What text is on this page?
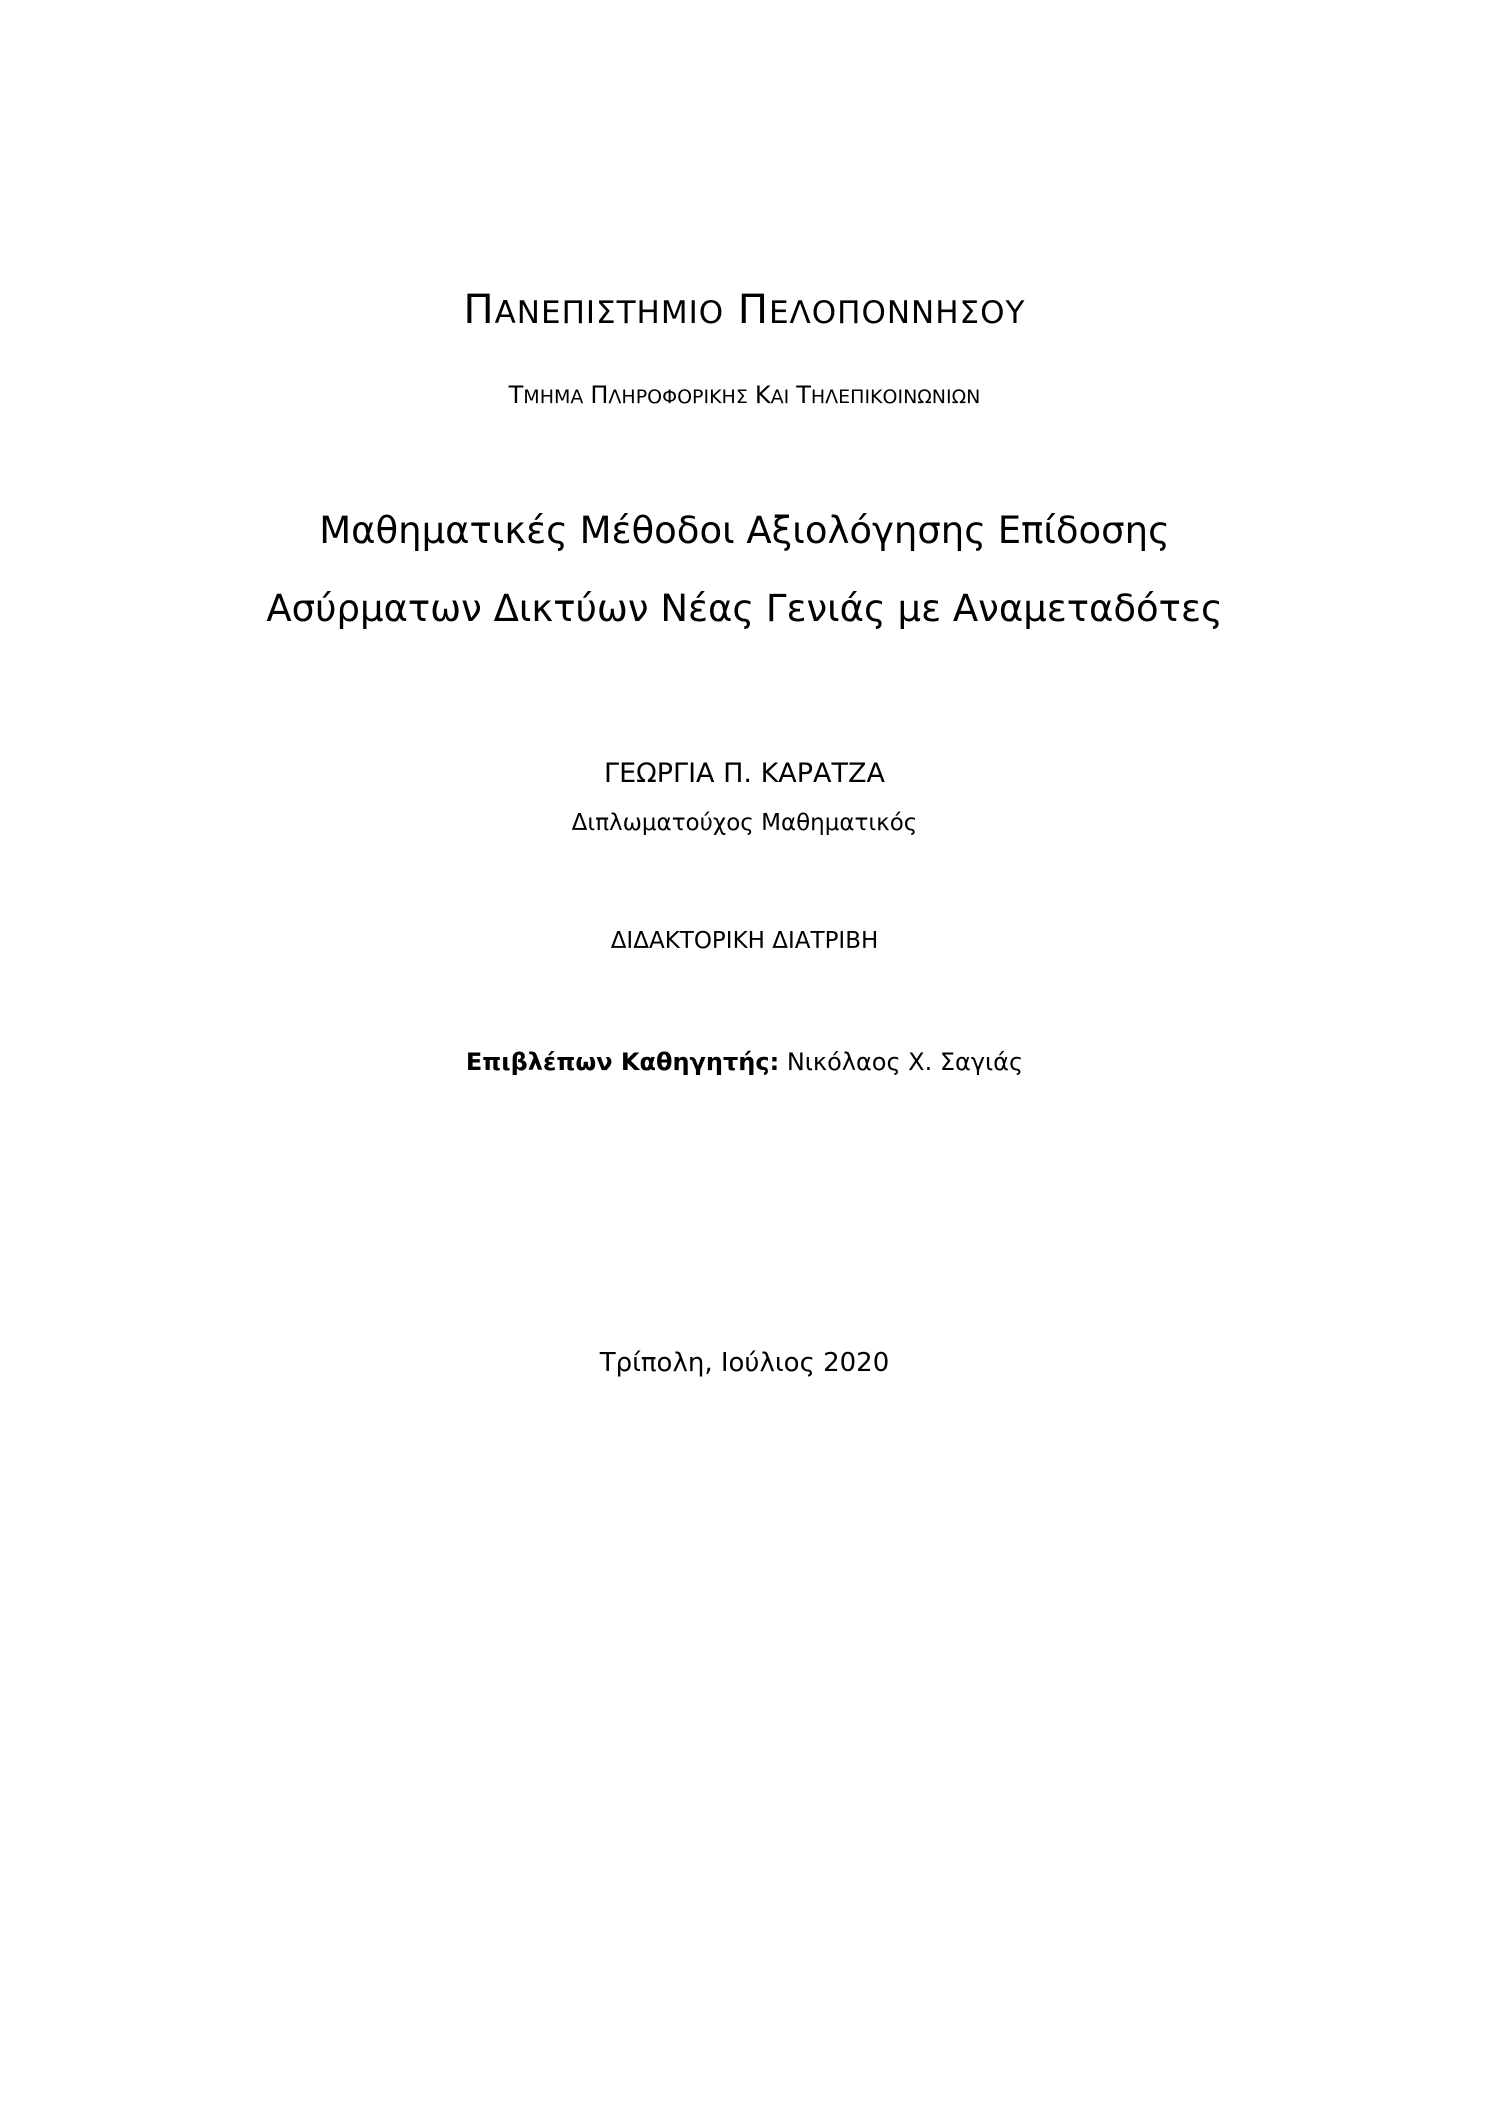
ΠΑΝΕΠΙΣΤΗΜΙΟ ΠΕΛΟΠΟΝΝΗΣΟΥ
ΤΜΗΜΑ ΠΛΗΡΟΦΟΡΙΚΗΣ ΚΑΙ ΤΗΛΕΠΙΚΟΙΝΩΝΙΩΝ
Μαθηματικές Μέθοδοι Αξιολόγησης Επίδοσης
Ασύρματων Δικτύων Νέας Γενιάς με Αναμεταδότες
ΓΕΩΡΓΙΑ Π. ΚΑΡΑΤΖΑ
Διπλωματούχος Μαθηματικός
ΔΙΔΑΚΤΟΡΙΚΗ ΔΙΑΤΡΙΒΗ
Επιβλέπων Καθηγητής: Νικόλαος Χ. Σαγιάς
Τρίπολη, Ιούλιος 2020
